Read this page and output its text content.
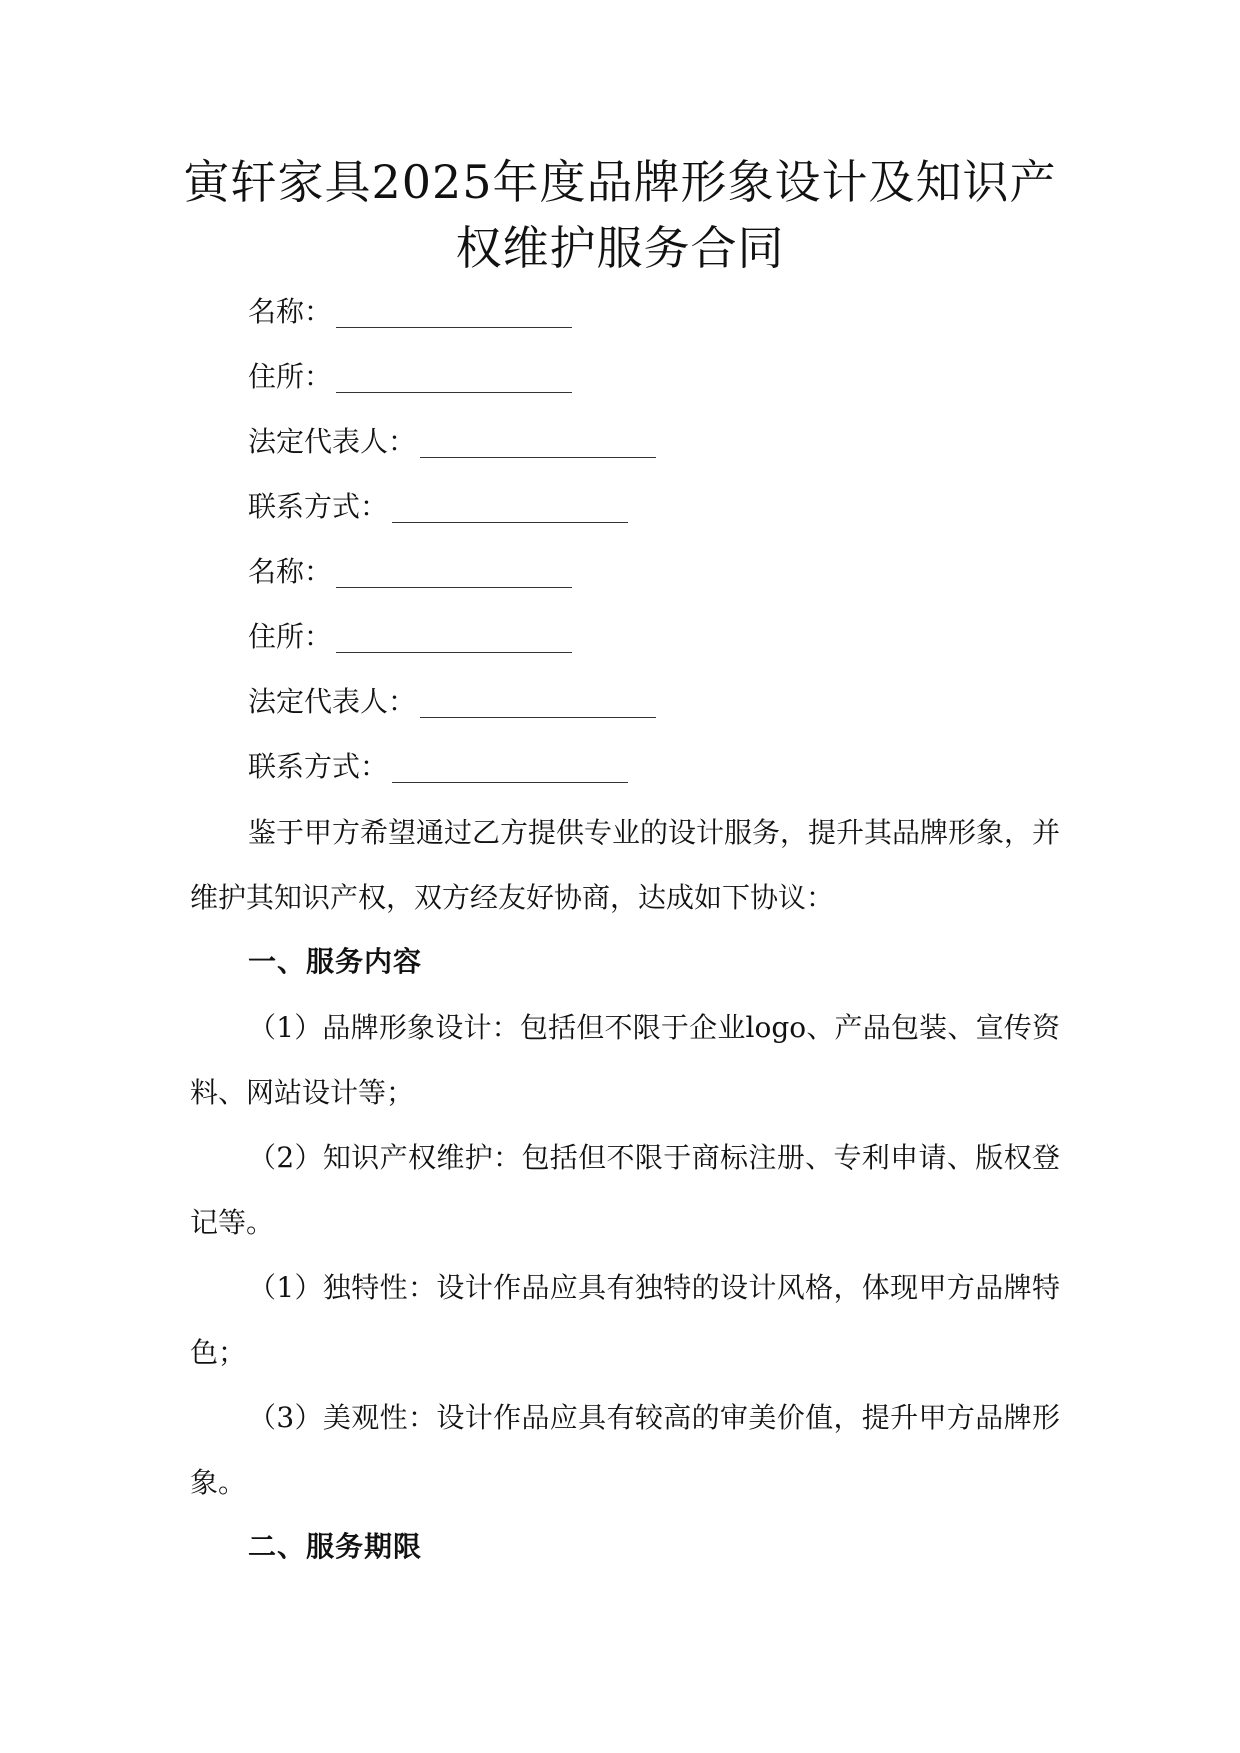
寅轩家具2025年度品牌形象设计及知识产
权维护服务合同
名称：
住所：
法定代表人：
联系方式：
名称：
住所：
法定代表人：
联系方式：

鉴于甲方希望通过乙方提供专业的设计服务，提升其品牌形象，并维护其知识产权，双方经友好协商，达成如下协议：

一、服务内容

（1）品牌形象设计：包括但不限于企业logo、产品包装、宣传资料、网站设计等；

（2）知识产权维护：包括但不限于商标注册、专利申请、版权登记等。

（1）独特性：设计作品应具有独特的设计风格，体现甲方品牌特色；

（3）美观性：设计作品应具有较高的审美价值，提升甲方品牌形象。

二、服务期限
